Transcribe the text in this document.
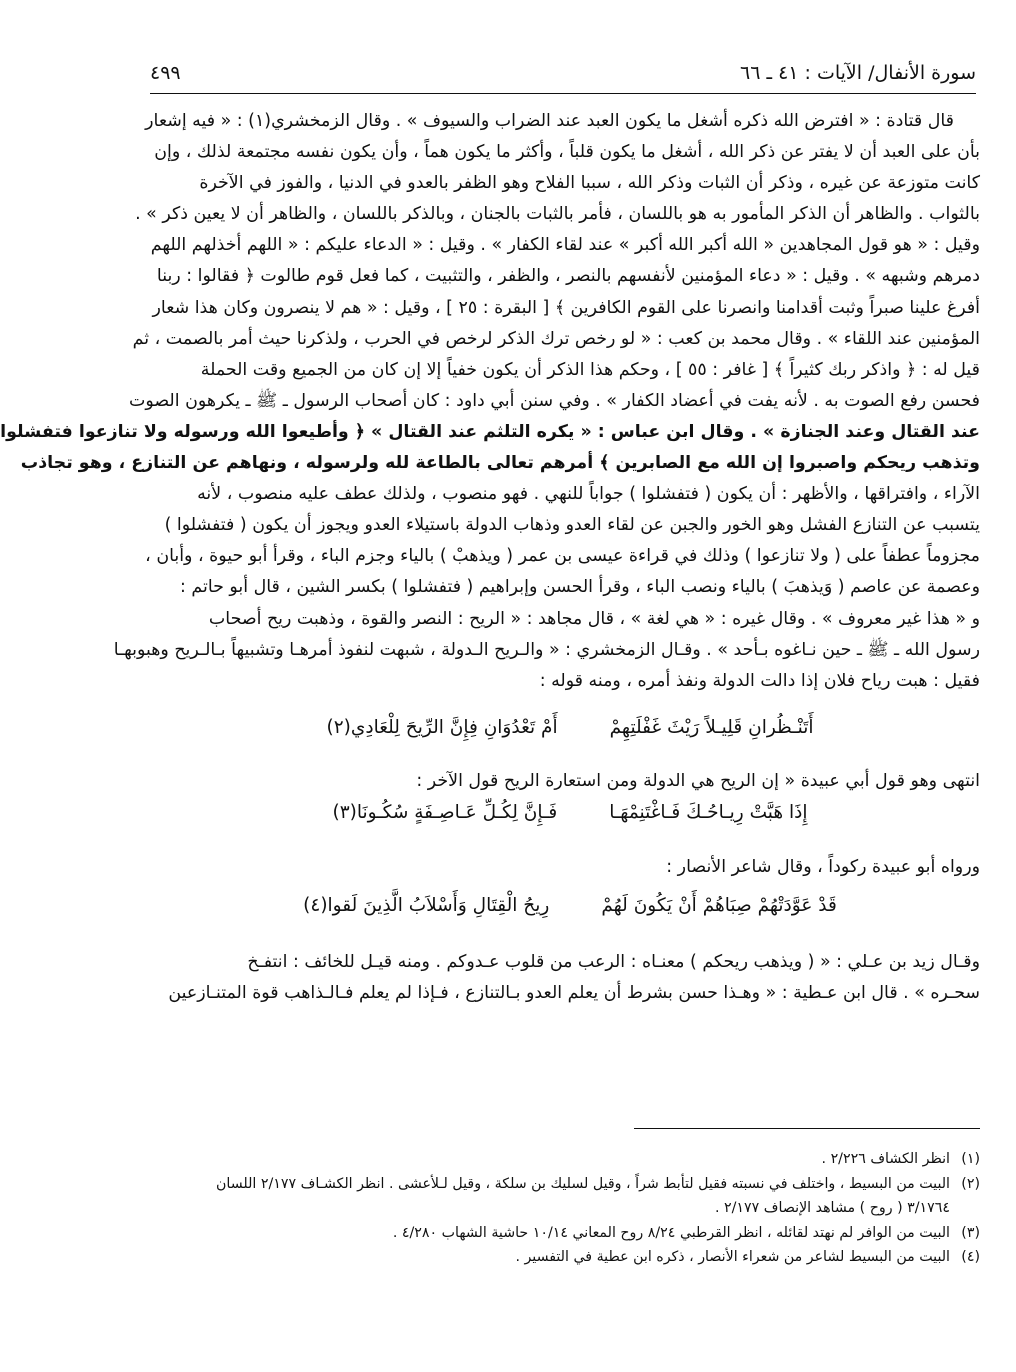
سورة الأنفال/ الآيات : ٤١ ـ ٦٦
٤٩٩

قال قتادة : « افترض الله ذكره أشغل ما يكون العبد عند الضراب والسيوف » . وقال الزمخشري(١) : « فيه إشعار

بأن على العبد أن لا يفتر عن ذكر الله ، أشغل ما يكون قلباً ، وأكثر ما يكون هماً ، وأن يكون نفسه مجتمعة لذلك ، وإن

كانت متوزعة عن غيره ، وذكر أن الثبات وذكر الله ، سببا الفلاح وهو الظفر بالعدو في الدنيا ، والفوز في الآخرة

بالثواب . والظاهر أن الذكر المأمور به هو باللسان ، فأمر بالثبات بالجنان ، وبالذكر باللسان ، والظاهر أن لا يعين ذكر » .

وقيل : « هو قول المجاهدين « الله أكبر الله أكبر » عند لقاء الكفار » . وقيل : « الدعاء عليكم : « اللهم أخذلهم اللهم

دمرهم وشبهه » . وقيل : « دعاء المؤمنين لأنفسهم بالنصر ، والظفر ، والتثبيت ، كما فعل قوم طالوت ﴿ فقالوا : ربنا

أفرغ علينا صبراً وثبت أقدامنا وانصرنا على القوم الكافرين ﴾ [ البقرة : ٢٥ ] ، وقيل : « هم لا ينصرون وكان هذا شعار

المؤمنين عند اللقاء » . وقال محمد بن كعب : « لو رخص ترك الذكر لرخص في الحرب ، ولذكرنا حيث أمر بالصمت ، ثم

قيل له : ﴿ واذكر ربك كثيراً ﴾ [ غافر : ٥٥ ] ، وحكم هذا الذكر أن يكون خفياً إلا إن كان من الجميع وقت الحملة

فحسن رفع الصوت به . لأنه يفت في أعضاد الكفار » . وفي سنن أبي داود : كان أصحاب الرسول ـ ﷺ ـ يكرهون الصوت

عند القتال وعند الجنازة » . وقال ابن عباس : « يكره التلثم عند القتال » ﴿ وأطيعوا الله ورسوله ولا تنازعوا فتفشلوا

وتذهب ريحكم واصبروا إن الله مع الصابرين ﴾ أمرهم تعالى بالطاعة لله ولرسوله ، ونهاهم عن التنازع ، وهو تجاذب

الآراء ، وافتراقها ، والأظهر : أن يكون ( فتفشلوا ) جواباً للنهي . فهو منصوب ، ولذلك عطف عليه منصوب ، لأنه

يتسبب عن التنازع الفشل وهو الخور والجبن عن لقاء العدو وذهاب الدولة باستيلاء العدو ويجوز أن يكون ( فتفشلوا )

مجزوماً عطفاً على ( ولا تنازعوا ) وذلك في قراءة عيسى بن عمر ( ويذهبْ ) بالياء وجزم الباء ، وقرأ أبو حيوة ، وأبان ،

وعصمة عن عاصم ( وَيذهبَ ) بالياء ونصب الباء ، وقرأ الحسن وإبراهيم ( فتفشلوا ) بكسر الشين ، قال أبو حاتم :

و « هذا غير معروف » . وقال غيره : « هي لغة » ، قال مجاهد : « الريح : النصر والقوة ، وذهبت ريح أصحاب

رسول الله ـ ﷺ ـ حين نـاغوه بـأحد » . وقـال الزمخشري : « والـريح الـدولة ، شبهت لنفوذ أمرهـا وتشبيهاً بـالـريح وهبوبهـا

فقيل : هبت رياح فلان إذا دالت الدولة ونفذ أمره ، ومنه قوله :

أَتَنْـظُرانِ قَلِيـلاً رَيْثَ غَفْلَتِهِمْ
أَمْ تَعْدُوَانِ فِإِنَّ الرِّيحَ لِلْعَادِي(٢)
انتهى وهو قول أبي عبيدة « إن الريح هي الدولة ومن استعارة الريح قول الآخر :
إِذَا هَبَّتْ رِيـاحُـكَ فَـاغْتَنِمْهَـا
فَـإِنَّ لِكُـلِّ عَـاصِـفَةٍ سُكُـونَا(٣)
ورواه أبو عبيدة ركوداً ، وقال شاعر الأنصار :
قَدْ عَوَّدَتْهُمْ صِبَاهُمْ أَنْ يَكُونَ لَهُمْ
رِيحُ الْقِتَالِ وَأَسْلاَبُ الَّذِينَ لَقوا(٤)

وقـال زيد بن عـلي : « ( ويذهب ريحكم ) معنـاه : الرعب من قلوب عـدوكم . ومنه قيـل للخائف : انتفـخ

سحـره » . قال ابن عـطية : « وهـذا حسن بشرط أن يعلم العدو بـالتنازع ، فـإذا لم يعلم فـالـذاهب قوة المتنـازعين

(١)انظر الكشاف ٢/٢٢٦ .
(٢)البيت من البسيط ، واختلف في نسبته فقيل لتأبط شراً ، وقيل لسليك بن سلكة ، وقيل لـلأعشى . انظر الكشـاف ٢/١٧٧ اللسان
٣/١٧٦٤ ( روح ) مشاهد الإنصاف ٢/١٧٧ .
(٣)البيت من الوافر لم نهتد لقائله ، انظر القرطبي ٨/٢٤ روح المعاني ١٠/١٤ حاشية الشهاب ٤/٢٨٠ .
(٤)البيت من البسيط لشاعر من شعراء الأنصار ، ذكره ابن عطية في التفسير .
